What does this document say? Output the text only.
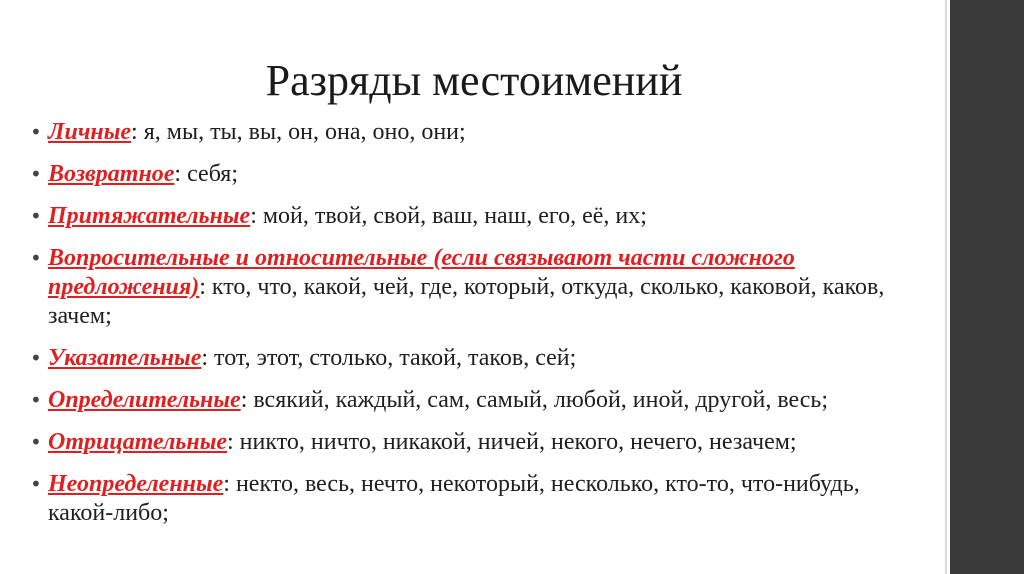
Разряды местоимений
• Личные: я, мы, ты, вы, он, она, оно, они;
• Возвратное: себя;
• Притяжательные: мой, твой, свой, ваш, наш, его, её, их;
• Вопросительные и относительные (если связывают части сложного предложения): кто, что, какой, чей, где, который, откуда, сколько, каковой, каков, зачем;
• Указательные: тот, этот, столько, такой, таков, сей;
• Определительные: всякий, каждый, сам, самый, любой, иной, другой, весь;
• Отрицательные: никто, ничто, никакой, ничей, некого, нечего, незачем;
• Неопределенные: некто, весь, нечто, некоторый, несколько, кто-то, что-нибудь, какой-либо;
